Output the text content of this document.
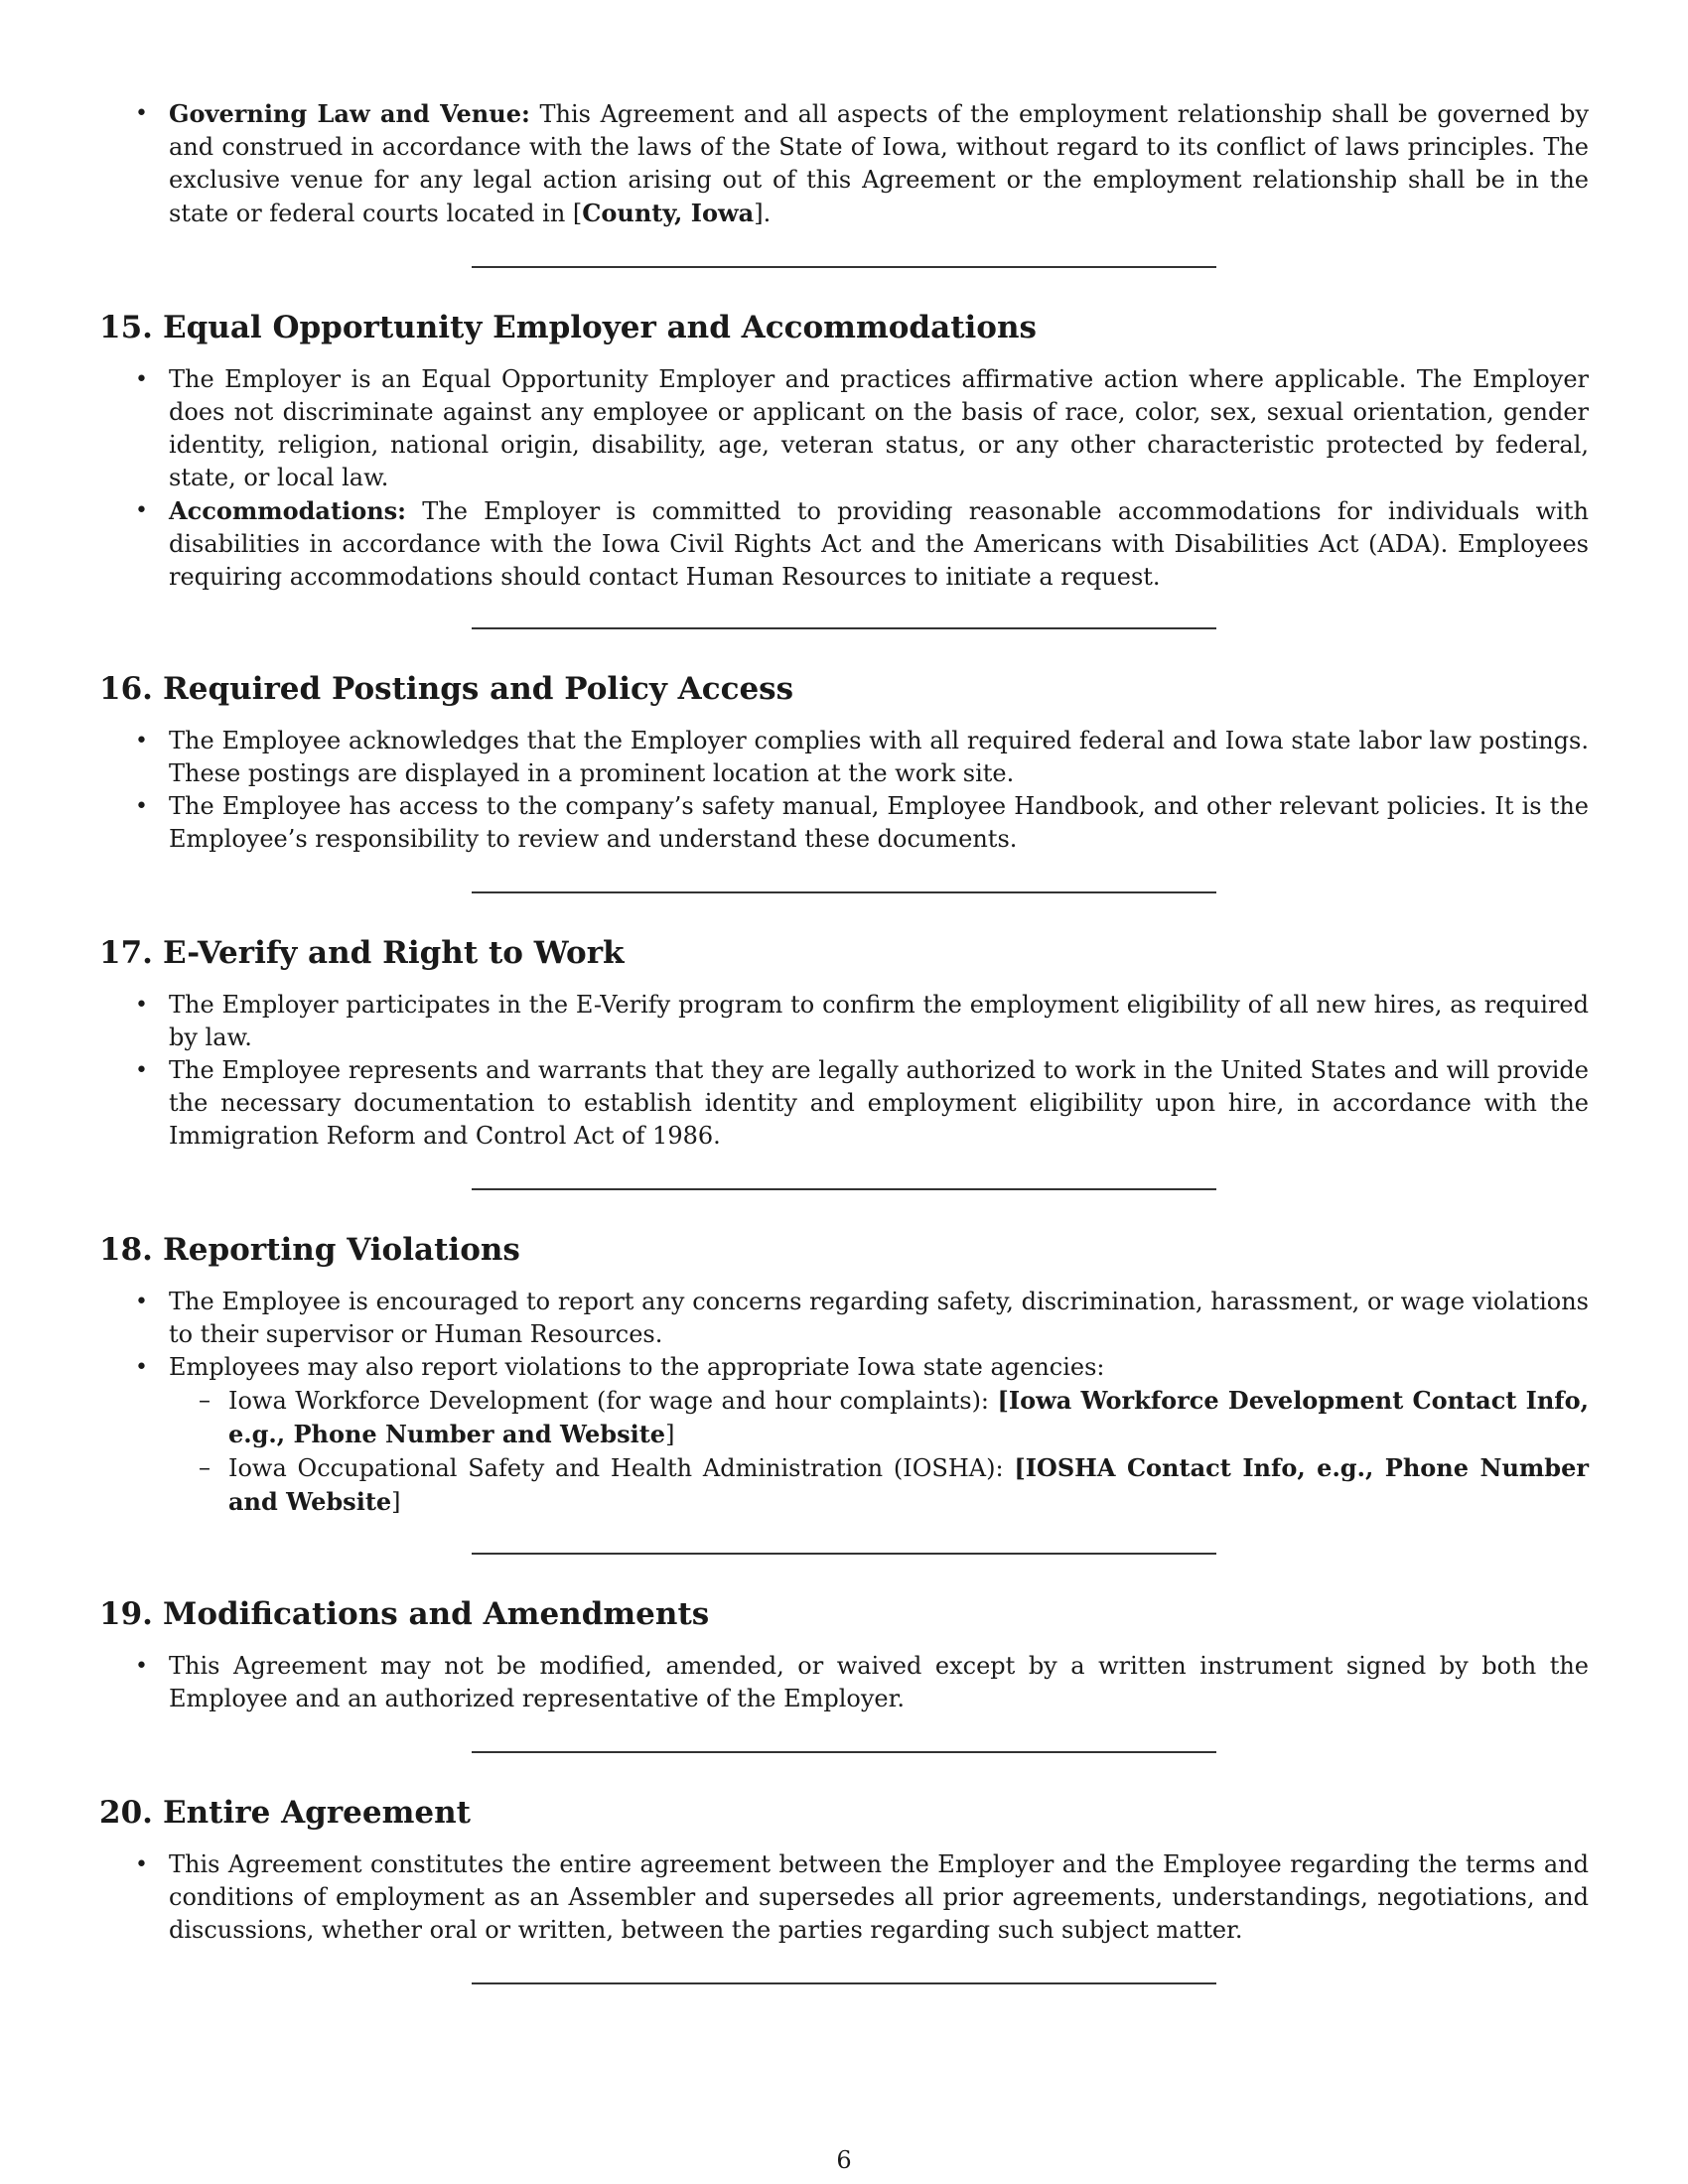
• Governing Law and Venue: This Agreement and all aspects of the employment relationship shall be governed by and construed in accordance with the laws of the State of Iowa, without regard to its conflict of laws principles. The exclusive venue for any legal action arising out of this Agreement or the employment relationship shall be in the state or federal courts located in [County, Iowa].
15. Equal Opportunity Employer and Accommodations
• The Employer is an Equal Opportunity Employer and practices affirmative action where applicable. The Employer does not discriminate against any employee or applicant on the basis of race, color, sex, sexual orientation, gender identity, religion, national origin, disability, age, veteran status, or any other characteristic protected by federal, state, or local law.
• Accommodations: The Employer is committed to providing reasonable accommodations for individuals with disabilities in accordance with the Iowa Civil Rights Act and the Americans with Disabilities Act (ADA). Employees requiring accommodations should contact Human Resources to initiate a request.
16. Required Postings and Policy Access
• The Employee acknowledges that the Employer complies with all required federal and Iowa state labor law postings. These postings are displayed in a prominent location at the work site.
• The Employee has access to the company’s safety manual, Employee Handbook, and other relevant policies. It is the Employee’s responsibility to review and understand these documents.
17. E-Verify and Right to Work
• The Employer participates in the E-Verify program to confirm the employment eligibility of all new hires, as required by law.
• The Employee represents and warrants that they are legally authorized to work in the United States and will provide the necessary documentation to establish identity and employment eligibility upon hire, in accordance with the Immigration Reform and Control Act of 1986.
18. Reporting Violations
• The Employee is encouraged to report any concerns regarding safety, discrimination, harassment, or wage violations to their supervisor or Human Resources.
• Employees may also report violations to the appropriate Iowa state agencies:
– Iowa Workforce Development (for wage and hour complaints): [Iowa Workforce Development Contact Info, e.g., Phone Number and Website]
– Iowa Occupational Safety and Health Administration (IOSHA): [IOSHA Contact Info, e.g., Phone Number and Website]
19. Modifications and Amendments
• This Agreement may not be modified, amended, or waived except by a written instrument signed by both the Employee and an authorized representative of the Employer.
20. Entire Agreement
• This Agreement constitutes the entire agreement between the Employer and the Employee regarding the terms and conditions of employment as an Assembler and supersedes all prior agreements, understandings, negotiations, and discussions, whether oral or written, between the parties regarding such subject matter.
6
